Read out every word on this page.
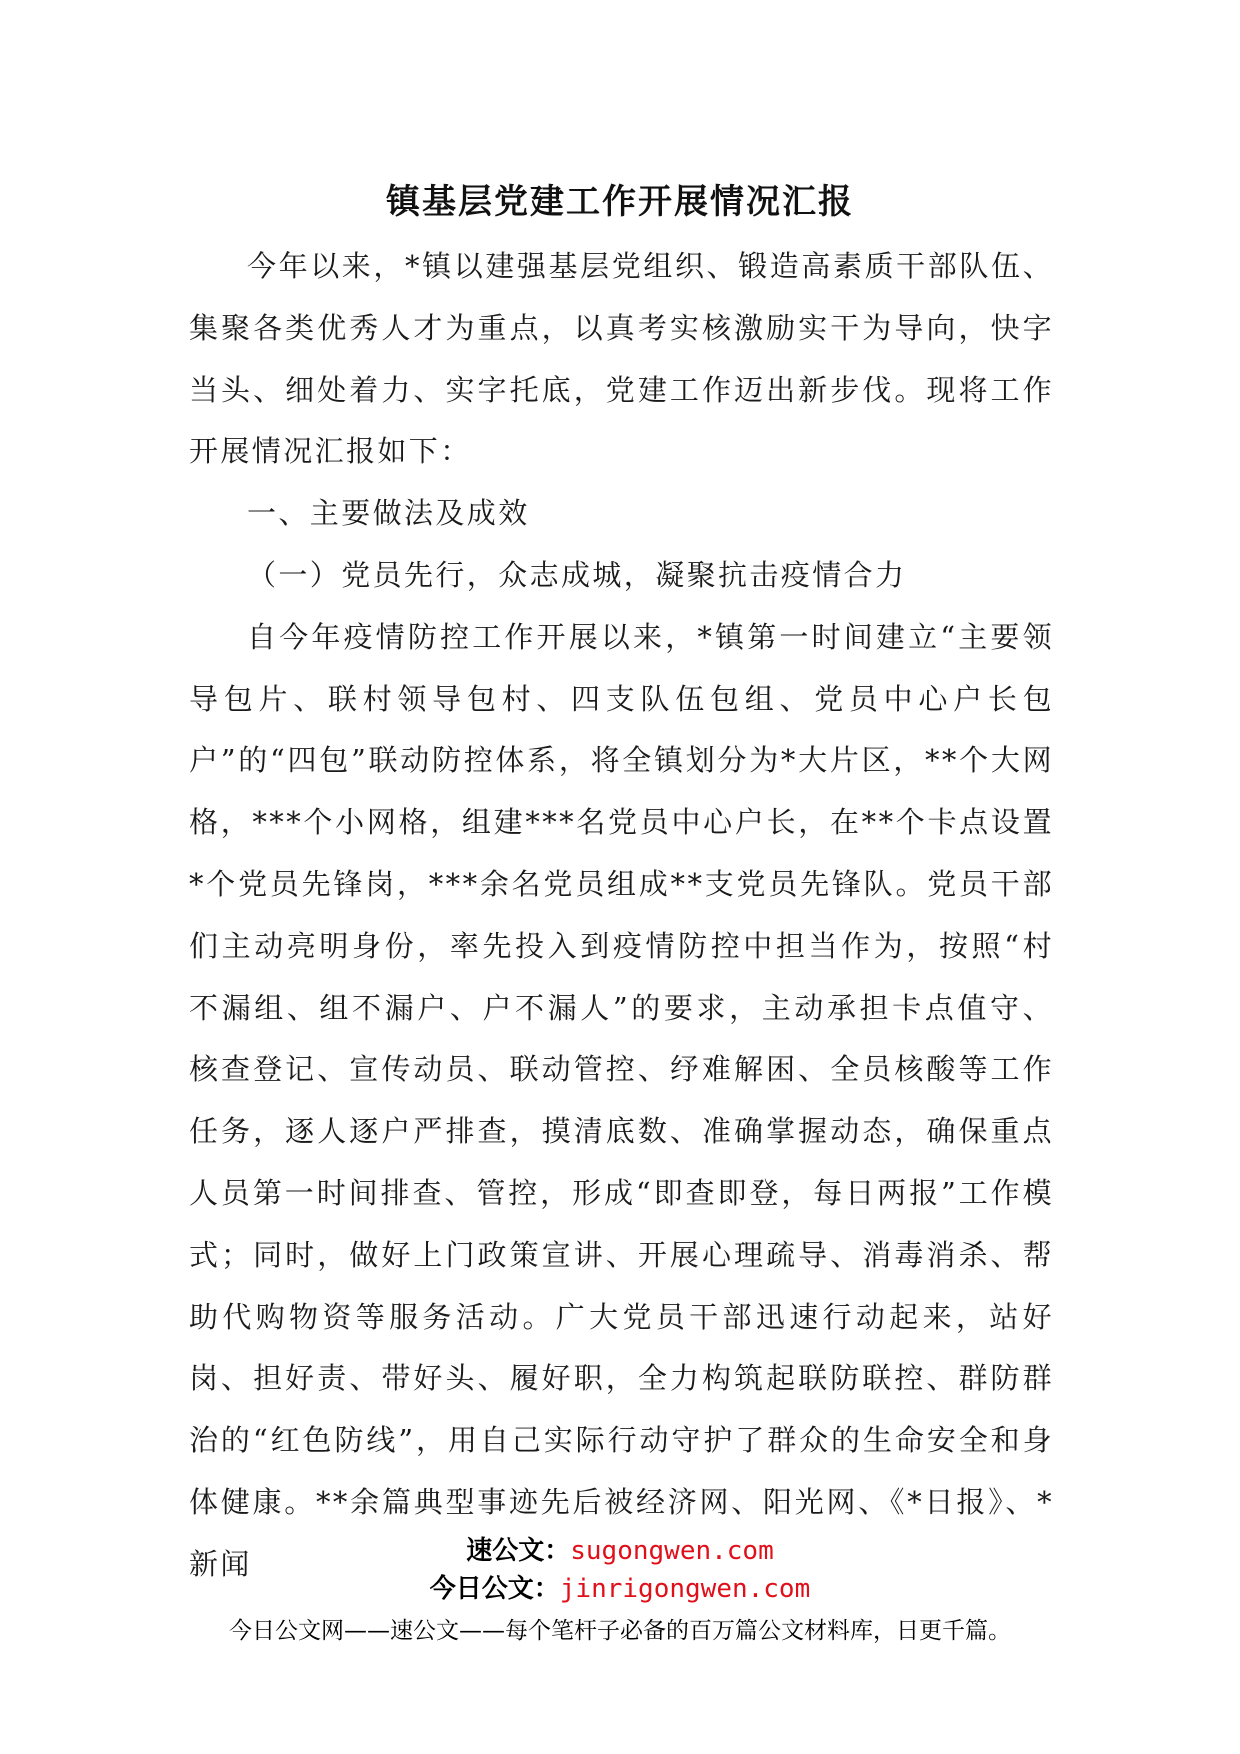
镇基层党建工作开展情况汇报

今年以来，*镇以建强基层党组织、锻造高素质干部队伍、集聚各类优秀人才为重点，以真考实核激励实干为导向，快字当头、细处着力、实字托底，党建工作迈出新步伐。现将工作开展情况汇报如下：

一、主要做法及成效

（一）党员先行，众志成城，凝聚抗击疫情合力

自今年疫情防控工作开展以来，*镇第一时间建立“主要领导包片、联村领导包村、四支队伍包组、党员中心户长包户”的“四包”联动防控体系，将全镇划分为*大片区，**个大网格，***个小网格，组建***名党员中心户长，在**个卡点设置*个党员先锋岗，***余名党员组成**支党员先锋队。党员干部们主动亮明身份，率先投入到疫情防控中担当作为，按照“村不漏组、组不漏户、户不漏人”的要求，主动承担卡点值守、核查登记、宣传动员、联动管控、纾难解困、全员核酸等工作任务，逐人逐户严排查，摸清底数、准确掌握动态，确保重点人员第一时间排查、管控，形成“即查即登，每日两报”工作模式；同时，做好上门政策宣讲、开展心理疏导、消毒消杀、帮助代购物资等服务活动。广大党员干部迅速行动起来，站好岗、担好责、带好头、履好职，全力构筑起联防联控、群防群治的“红色防线”，用自己实际行动守护了群众的生命安全和身体健康。**余篇典型事迹先后被经济网、阳光网、《*日报》、*新闻	速公文：sugongwen.com
今日公文：jinrigongwen.com
今日公文网——速公文——每个笔杆子必备的百万篇公文材料库，日更千篇。
